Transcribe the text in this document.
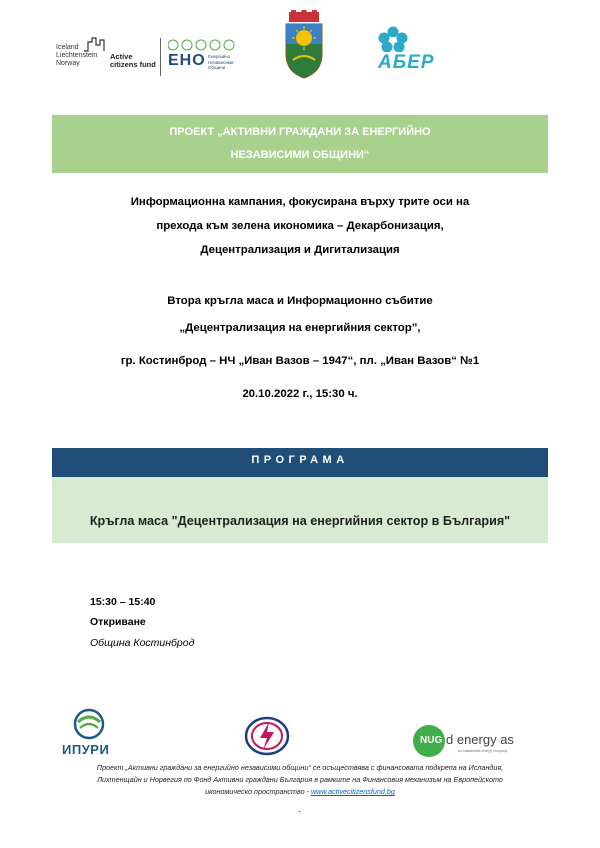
Iceland
Liechtenstein
Norway
Active
citizens fund ЕНО Енергийно
Независими
Общини	АБЕР
ПРОЕКТ „АКТИВНИ ГРАЖДАНИ ЗА ЕНЕРГИЙНО
НЕЗАВИСИМИ ОБЩИНИ“
Информационна кампания, фокусирана върху трите оси на
прехода към зелена икономика – Декарбонизация,
Децентрализация и Дигитализация
Втора кръгла маса и Информационно събитие
„Децентрализация на енергийния сектор”,
гр. Костинброд – НЧ „Иван Вазов – 1947“, пл. „Иван Вазов“ №1
20.10.2022 г., 15:30 ч.
ПРОГРАМА
Кръгла маса "Децентрализация на енергийния сектор в България"
15:30 – 15:40
Откриване
Община Костинброд
ИПУРИ
NUG d energy as
an sustainable energy company
Проект „Активни граждани за енергийно независими общини“ се осъществява с финансовата подкрепа на Исландия,
Лихтенщайн и Норвегия по Фонд Активни граждани България в рамките на Финансовия механизъм на Европейското
икономическо пространство - www.activecitizensfund.bg
.
